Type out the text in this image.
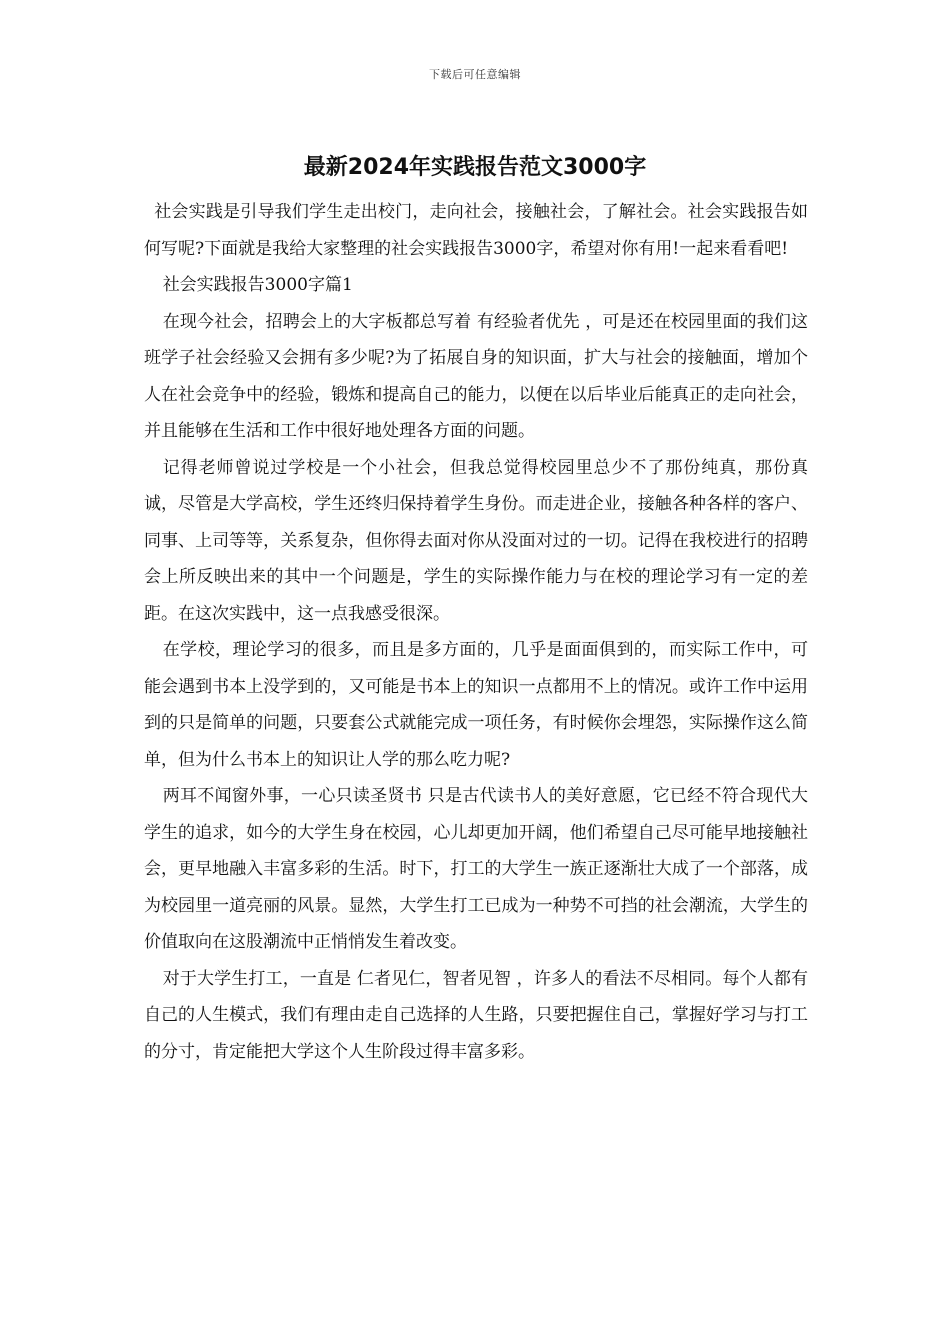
下载后可任意编辑
最新2024年实践报告范文3000字

社会实践是引导我们学生走出校门，走向社会，接触社会，了解社会。社会实践报告如何写呢?下面就是我给大家整理的社会实践报告3000字，希望对你有用!一起来看看吧!

社会实践报告3000字篇1

在现今社会，招聘会上的大字板都总写着 有经验者优先 ，可是还在校园里面的我们这班学子社会经验又会拥有多少呢?为了拓展自身的知识面，扩大与社会的接触面，增加个人在社会竞争中的经验，锻炼和提高自己的能力，以便在以后毕业后能真正的走向社会，并且能够在生活和工作中很好地处理各方面的问题。

记得老师曾说过学校是一个小社会，但我总觉得校园里总少不了那份纯真，那份真诚，尽管是大学高校，学生还终归保持着学生身份。而走进企业，接触各种各样的客户、同事、上司等等，关系复杂，但你得去面对你从没面对过的一切。记得在我校进行的招聘会上所反映出来的其中一个问题是，学生的实际操作能力与在校的理论学习有一定的差距。在这次实践中，这一点我感受很深。

在学校，理论学习的很多，而且是多方面的，几乎是面面俱到的，而实际工作中，可能会遇到书本上没学到的，又可能是书本上的知识一点都用不上的情况。或许工作中运用到的只是简单的问题，只要套公式就能完成一项任务，有时候你会埋怨，实际操作这么简单，但为什么书本上的知识让人学的那么吃力呢?

两耳不闻窗外事，一心只读圣贤书 只是古代读书人的美好意愿，它已经不符合现代大学生的追求，如今的大学生身在校园，心儿却更加开阔，他们希望自己尽可能早地接触社会，更早地融入丰富多彩的生活。时下，打工的大学生一族正逐渐壮大成了一个部落，成为校园里一道亮丽的风景。显然，大学生打工已成为一种势不可挡的社会潮流，大学生的价值取向在这股潮流中正悄悄发生着改变。

对于大学生打工，一直是 仁者见仁，智者见智 ，许多人的看法不尽相同。每个人都有自己的人生模式，我们有理由走自己选择的人生路，只要把握住自己，掌握好学习与打工的分寸，肯定能把大学这个人生阶段过得丰富多彩。
